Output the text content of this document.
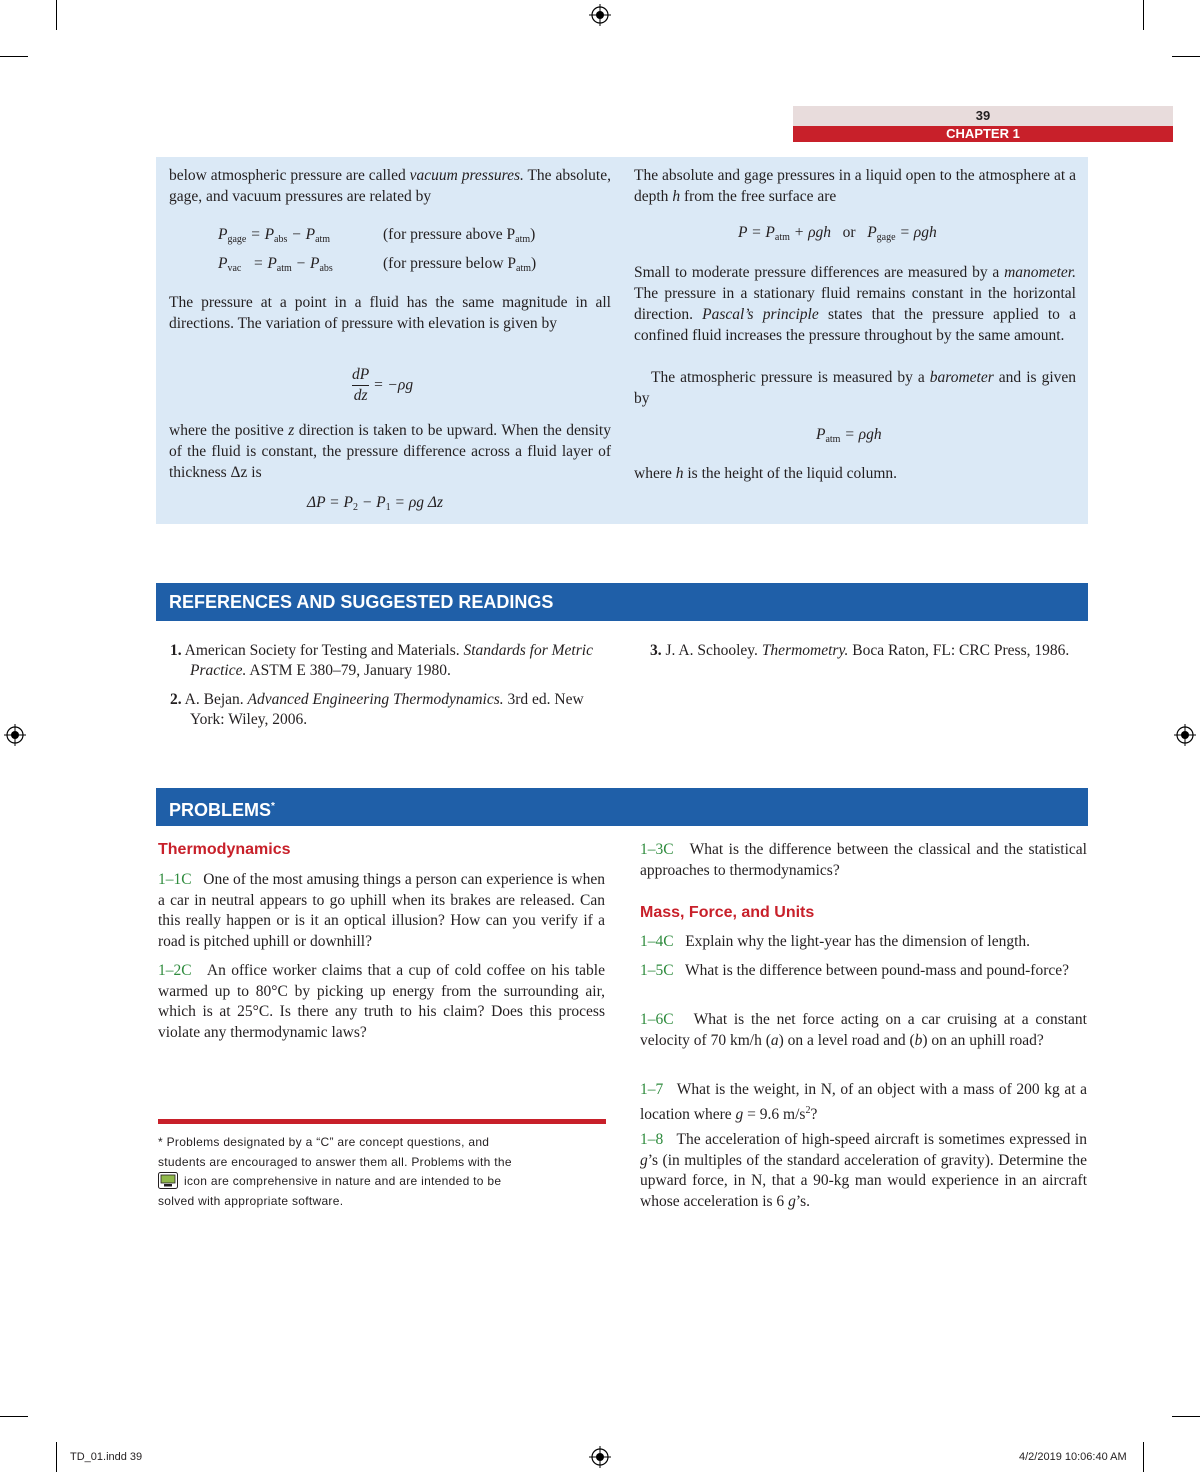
39
CHAPTER 1
below atmospheric pressure are called vacuum pressures. The absolute, gage, and vacuum pressures are related by
$P_{gage} = P_{abs} - P_{atm}$	(for pressure above $P_{atm}$)
$P_{vac} = P_{atm} - P_{abs}$	(for pressure below $P_{atm}$)
The pressure at a point in a fluid has the same magnitude in all directions. The variation of pressure with elevation is given by
$\frac{dP}{dz} = -\rho g$
where the positive z direction is taken to be upward. When the density of the fluid is constant, the pressure difference across a fluid layer of thickness Δz is
$\Delta P = P_2 - P_1 = \rho g$ Δz
The absolute and gage pressures in a liquid open to the atmosphere at a depth h from the free surface are
$P = P_{atm} + \rho gh$   or   $P_{gage} = \rho gh$
Small to moderate pressure differences are measured by a manometer. The pressure in a stationary fluid remains constant in the horizontal direction. Pascal’s principle states that the pressure applied to a confined fluid increases the pressure throughout by the same amount.
The atmospheric pressure is measured by a barometer and is given by
$P_{atm} = \rho gh$
where h is the height of the liquid column.
REFERENCES AND SUGGESTED READINGS
1. American Society for Testing and Materials. Standards for Metric Practice. ASTM E 380–79, January 1980.
2. A. Bejan. Advanced Engineering Thermodynamics. 3rd ed. New York: Wiley, 2006.
3. J. A. Schooley. Thermometry. Boca Raton, FL: CRC Press, 1986.
PROBLEMS*
Thermodynamics
1–1C One of the most amusing things a person can experience is when a car in neutral appears to go uphill when its brakes are released. Can this really happen or is it an optical illusion? How can you verify if a road is pitched uphill or downhill?
1–2C An office worker claims that a cup of cold coffee on his table warmed up to 80°C by picking up energy from the surrounding air, which is at 25°C. Is there any truth to his claim? Does this process violate any thermodynamic laws?
* Problems designated by a “C” are concept questions, and
students are encouraged to answer them all. Problems with the
icon are comprehensive in nature and are intended to be
solved with appropriate software.
1–3C What is the difference between the classical and the statistical approaches to thermodynamics?
Mass, Force, and Units
1–4C Explain why the light-year has the dimension of length.
1–5C What is the difference between pound-mass and pound-force?
1–6C What is the net force acting on a car cruising at a constant velocity of 70 km/h (a) on a level road and (b) on an uphill road?
1–7 What is the weight, in N, of an object with a mass of 200 kg at a location where g = 9.6 $m/s^2$?
1–8 The acceleration of high-speed aircraft is sometimes expressed in g’s (in multiples of the standard acceleration of gravity). Determine the upward force, in N, that a 90-kg man would experience in an aircraft whose acceleration is 6 g’s.
TD_01.indd 39	4/2/2019 10:06:40 AM
